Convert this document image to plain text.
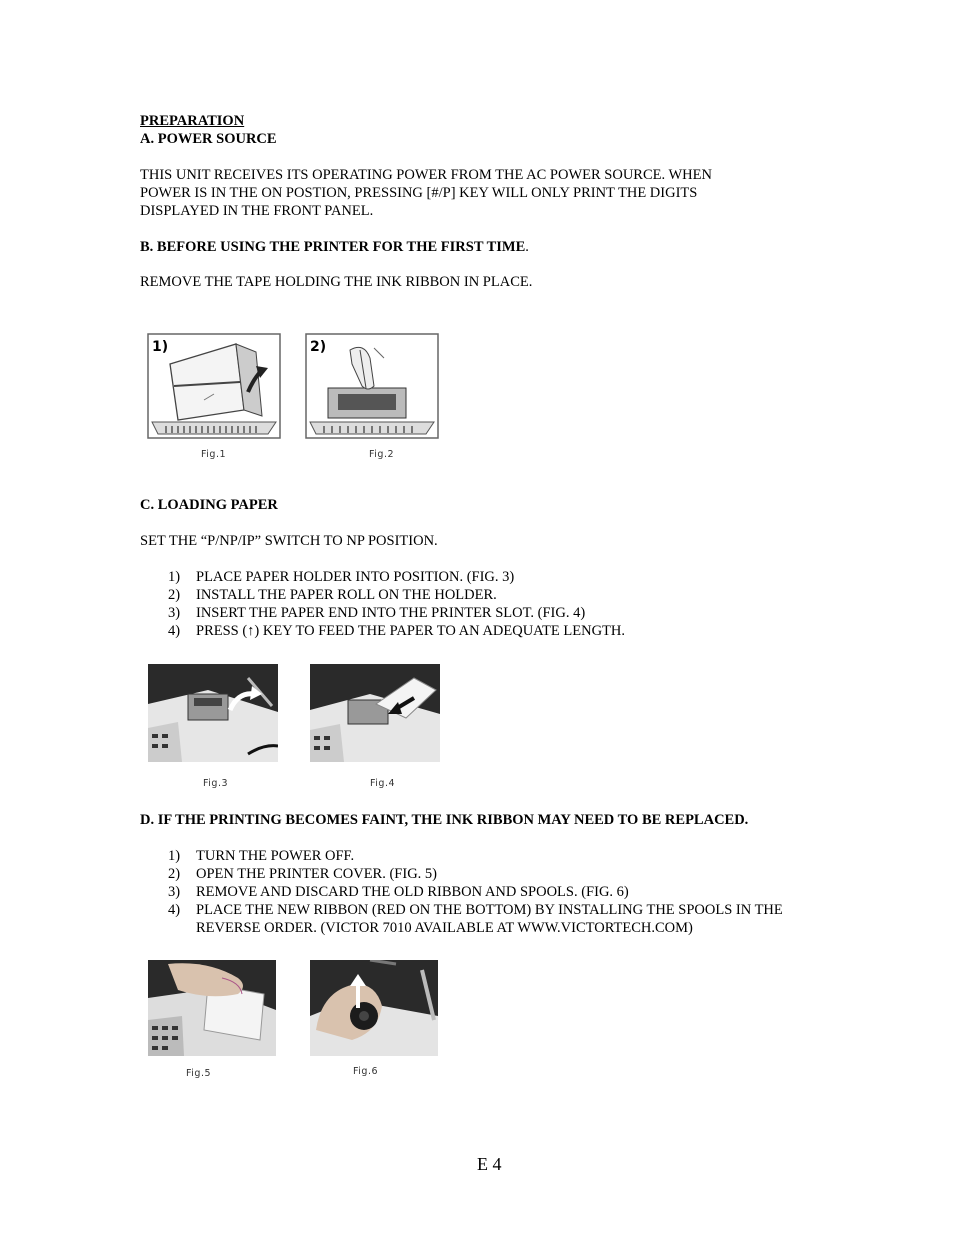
PREPARATION
A. POWER SOURCE
THIS UNIT RECEIVES ITS OPERATING POWER FROM THE AC POWER SOURCE. WHEN
POWER IS IN THE ON POSTION, PRESSING [#/P] KEY WILL ONLY PRINT THE DIGITS
DISPLAYED IN THE FRONT PANEL.
B. BEFORE USING THE PRINTER FOR THE FIRST TIME.
REMOVE THE TAPE HOLDING THE INK RIBBON IN PLACE.
1)
Fig.1
2)
Fig.2
C. LOADING PAPER
SET THE “P/NP/IP” SWITCH TO NP POSITION.
1) PLACE PAPER HOLDER INTO POSITION. (FIG. 3)
2) INSTALL THE PAPER ROLL ON THE HOLDER.
3) INSERT THE PAPER END INTO THE PRINTER SLOT. (FIG. 4)
4) PRESS (↑) KEY TO FEED THE PAPER TO AN ADEQUATE LENGTH.
Fig.3	Fig.4
D. IF THE PRINTING BECOMES FAINT, THE INK RIBBON MAY NEED TO BE REPLACED.
1) TURN THE POWER OFF.
2) OPEN THE PRINTER COVER. (FIG. 5)
3) REMOVE AND DISCARD THE OLD RIBBON AND SPOOLS. (FIG. 6)
4) PLACE THE NEW RIBBON (RED ON THE BOTTOM) BY INSTALLING THE SPOOLS IN THE REVERSE ORDER. (VICTOR 7010 AVAILABLE AT WWW.VICTORTECH.COM)
Fig.5	Fig.6
E 4
